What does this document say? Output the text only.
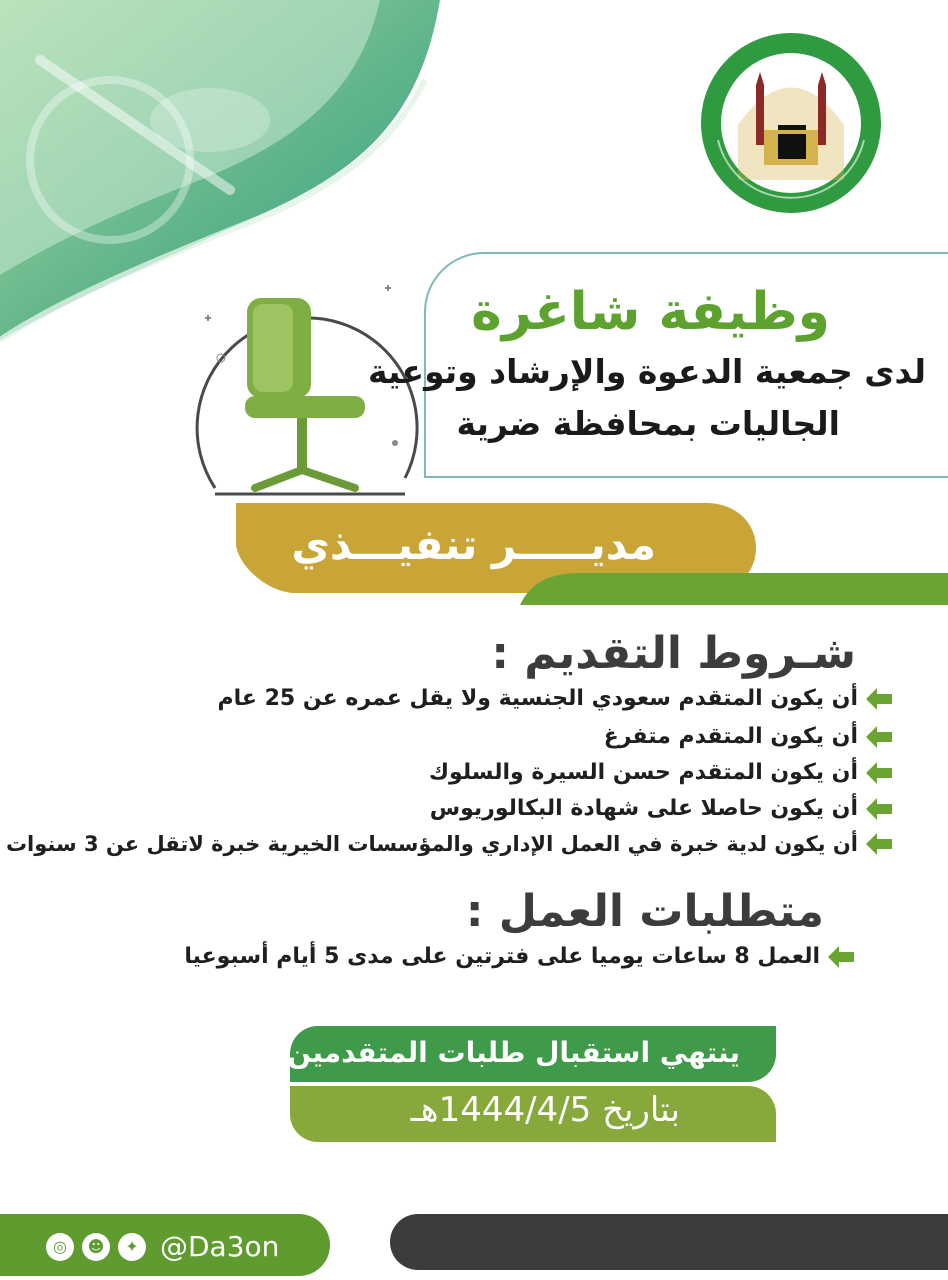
وظيفة شاغرة
لدى جمعية الدعوة والإرشاد وتوعية
الجاليات بمحافظة ضرية
مديـــــر تنفيـــذي
شـروط التقديم :
أن يكون المتقدم سعودي الجنسية ولا يقل عمره عن 25 عام
أن يكون المتقدم متفرغ
أن يكون المتقدم حسن السيرة والسلوك
أن يكون حاصلا على شهادة البكالوريوس
أن يكون لدية خبرة في العمل الإداري والمؤسسات الخيرية خبرة لاتقل عن 3 سنوات
متطلبات العمل :
العمل 8 ساعات يوميا على فترتين على مدى 5 أيام أسبوعيا
ينتهي استقبال طلبات المتقدمين
بتاريخ 1444/4/5هـ
◎	☻	✦ @Da3on
